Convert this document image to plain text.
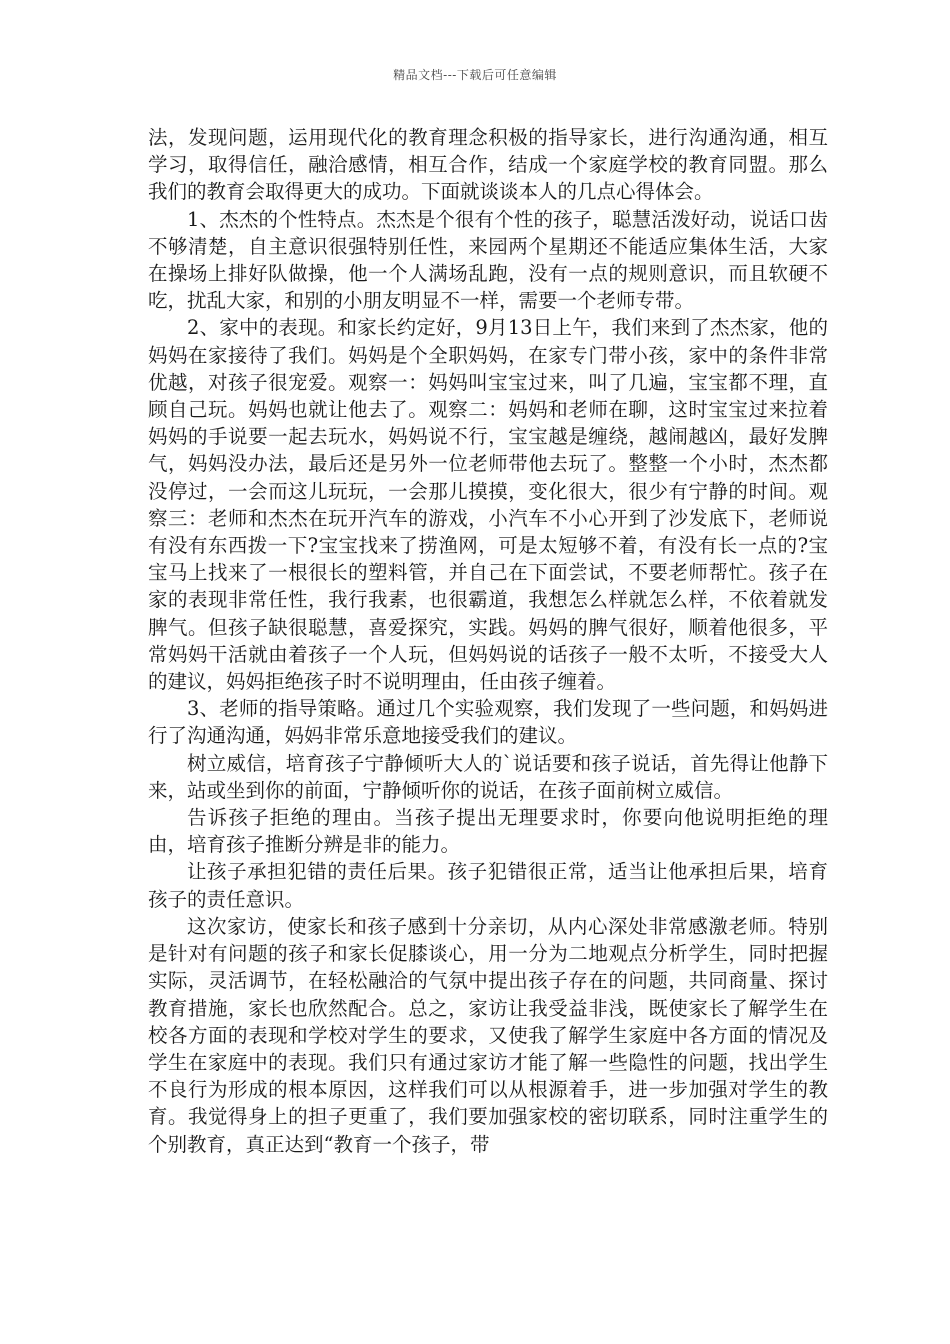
精品文档---下载后可任意编辑

法，发现问题，运用现代化的教育理念积极的指导家长，进行沟通沟通，相互学习，取得信任，融洽感情，相互合作，结成一个家庭学校的教育同盟。那么我们的教育会取得更大的成功。下面就谈谈本人的几点心得体会。

1、杰杰的个性特点。杰杰是个很有个性的孩子，聪慧活泼好动，说话口齿不够清楚，自主意识很强特别任性，来园两个星期还不能适应集体生活，大家在操场上排好队做操，他一个人满场乱跑，没有一点的规则意识，而且软硬不吃，扰乱大家，和别的小朋友明显不一样，需要一个老师专带。

2、家中的表现。和家长约定好，9月13日上午，我们来到了杰杰家，他的妈妈在家接待了我们。妈妈是个全职妈妈，在家专门带小孩，家中的条件非常优越，对孩子很宠爱。观察一：妈妈叫宝宝过来，叫了几遍，宝宝都不理，直顾自己玩。妈妈也就让他去了。观察二：妈妈和老师在聊，这时宝宝过来拉着妈妈的手说要一起去玩水，妈妈说不行，宝宝越是缠绕，越闹越凶，最好发脾气，妈妈没办法，最后还是另外一位老师带他去玩了。整整一个小时，杰杰都没停过，一会而这儿玩玩，一会那儿摸摸，变化很大，很少有宁静的时间。观察三：老师和杰杰在玩开汽车的游戏，小汽车不小心开到了沙发底下，老师说有没有东西拨一下?宝宝找来了捞渔网，可是太短够不着，有没有长一点的?宝宝马上找来了一根很长的塑料管，并自己在下面尝试，不要老师帮忙。孩子在家的表现非常任性，我行我素，也很霸道，我想怎么样就怎么样，不依着就发脾气。但孩子缺很聪慧，喜爱探究，实践。妈妈的脾气很好，顺着他很多，平常妈妈干活就由着孩子一个人玩，但妈妈说的话孩子一般不太听，不接受大人的建议，妈妈拒绝孩子时不说明理由，任由孩子缠着。

3、老师的指导策略。通过几个实验观察，我们发现了一些问题，和妈妈进行了沟通沟通，妈妈非常乐意地接受我们的建议。

树立威信，培育孩子宁静倾听大人的`说话要和孩子说话，首先得让他静下来，站或坐到你的前面，宁静倾听你的说话，在孩子面前树立威信。

告诉孩子拒绝的理由。当孩子提出无理要求时，你要向他说明拒绝的理由，培育孩子推断分辨是非的能力。

让孩子承担犯错的责任后果。孩子犯错很正常，适当让他承担后果，培育孩子的责任意识。

这次家访，使家长和孩子感到十分亲切，从内心深处非常感激老师。特别是针对有问题的孩子和家长促膝谈心，用一分为二地观点分析学生，同时把握实际，灵活调节，在轻松融洽的气氛中提出孩子存在的问题，共同商量、探讨教育措施，家长也欣然配合。总之，家访让我受益非浅，既使家长了解学生在校各方面的表现和学校对学生的要求，又使我了解学生家庭中各方面的情况及学生在家庭中的表现。我们只有通过家访才能了解一些隐性的问题，找出学生不良行为形成的根本原因，这样我们可以从根源着手，进一步加强对学生的教育。我觉得身上的担子更重了，我们要加强家校的密切联系，同时注重学生的个别教育，真正达到“教育一个孩子，带
